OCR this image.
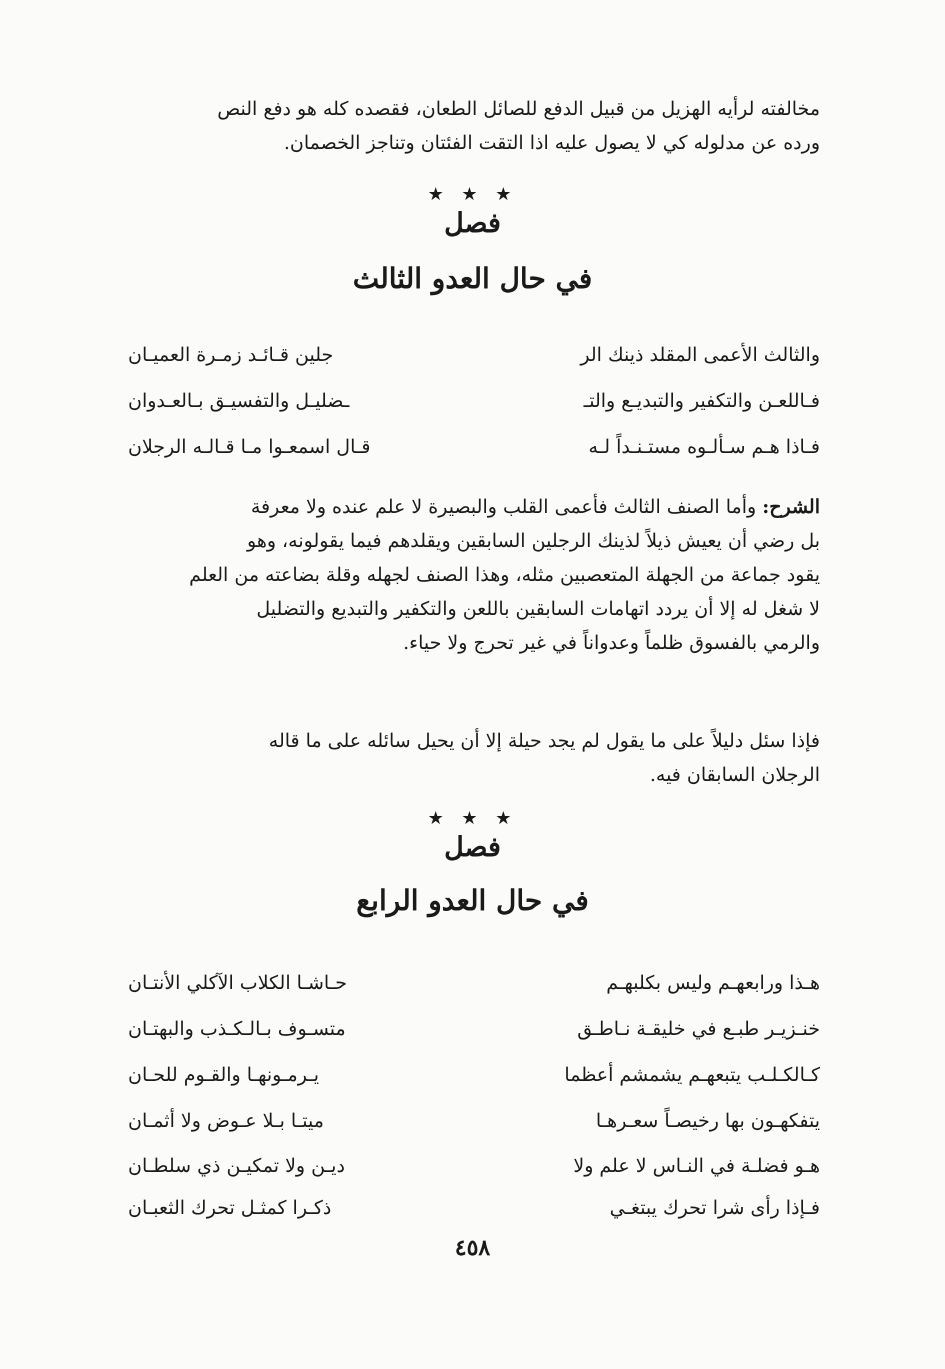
مخالفته لرأيه الهزيل من قبيل الدفع للصائل الطعان، فقصده كله هو دفع النص
ورده عن مدلوله كي لا يصول عليه اذا التقت الفئتان وتناجز الخصمان.
★ ★ ★
فصل
في حال العدو الثالث
والثالث الأعمى المقلد ذينك الر
جلين قـائـد زمـرة العميـان
فـاللعـن والتكفير والتبديـع والتـ
ـضليـل والتفسيـق بـالعـدوان
فـاذا هـم سـألـوه مستـنـداً لـه
قـال اسمعـوا مـا قـالـه الرجلان
الشرح: وأما الصنف الثالث فأعمى القلب والبصيرة لا علم عنده ولا معرفة
بل رضي أن يعيش ذيلاً لذينك الرجلين السابقين ويقلدهم فيما يقولونه، وهو
يقود جماعة من الجهلة المتعصبين مثله، وهذا الصنف لجهله وقلة بضاعته من العلم
لا شغل له إلا أن يردد اتهامات السابقين باللعن والتكفير والتبديع والتضليل
والرمي بالفسوق ظلماً وعدواناً في غير تحرج ولا حياء.
فإذا سئل دليلاً على ما يقول لم يجد حيلة إلا أن يحيل سائله على ما قاله
الرجلان السابقان فيه.
★ ★ ★
فصل
في حال العدو الرابع
هـذا ورابعهـم وليس بكلبهـم
حـاشـا الكلاب الآكلي الأنتـان
خنـزيـر طبـع في خليقـة نـاطـق
متسـوف بـالـكـذب والبهتـان
كـالكـلـب يتبعهـم يشمشم أعظما
يـرمـونهـا والقـوم للحـان
يتفكهـون بها رخيصـاً سعـرهـا
ميتـا بـلا عـوض ولا أثمـان
هـو فضلـة في النـاس لا علم ولا
ديـن ولا تمكيـن ذي سلطـان
فـإذا رأى شرا تحرك يبتغـي
ذكـرا كمثـل تحرك الثعبـان
٤٥٨
